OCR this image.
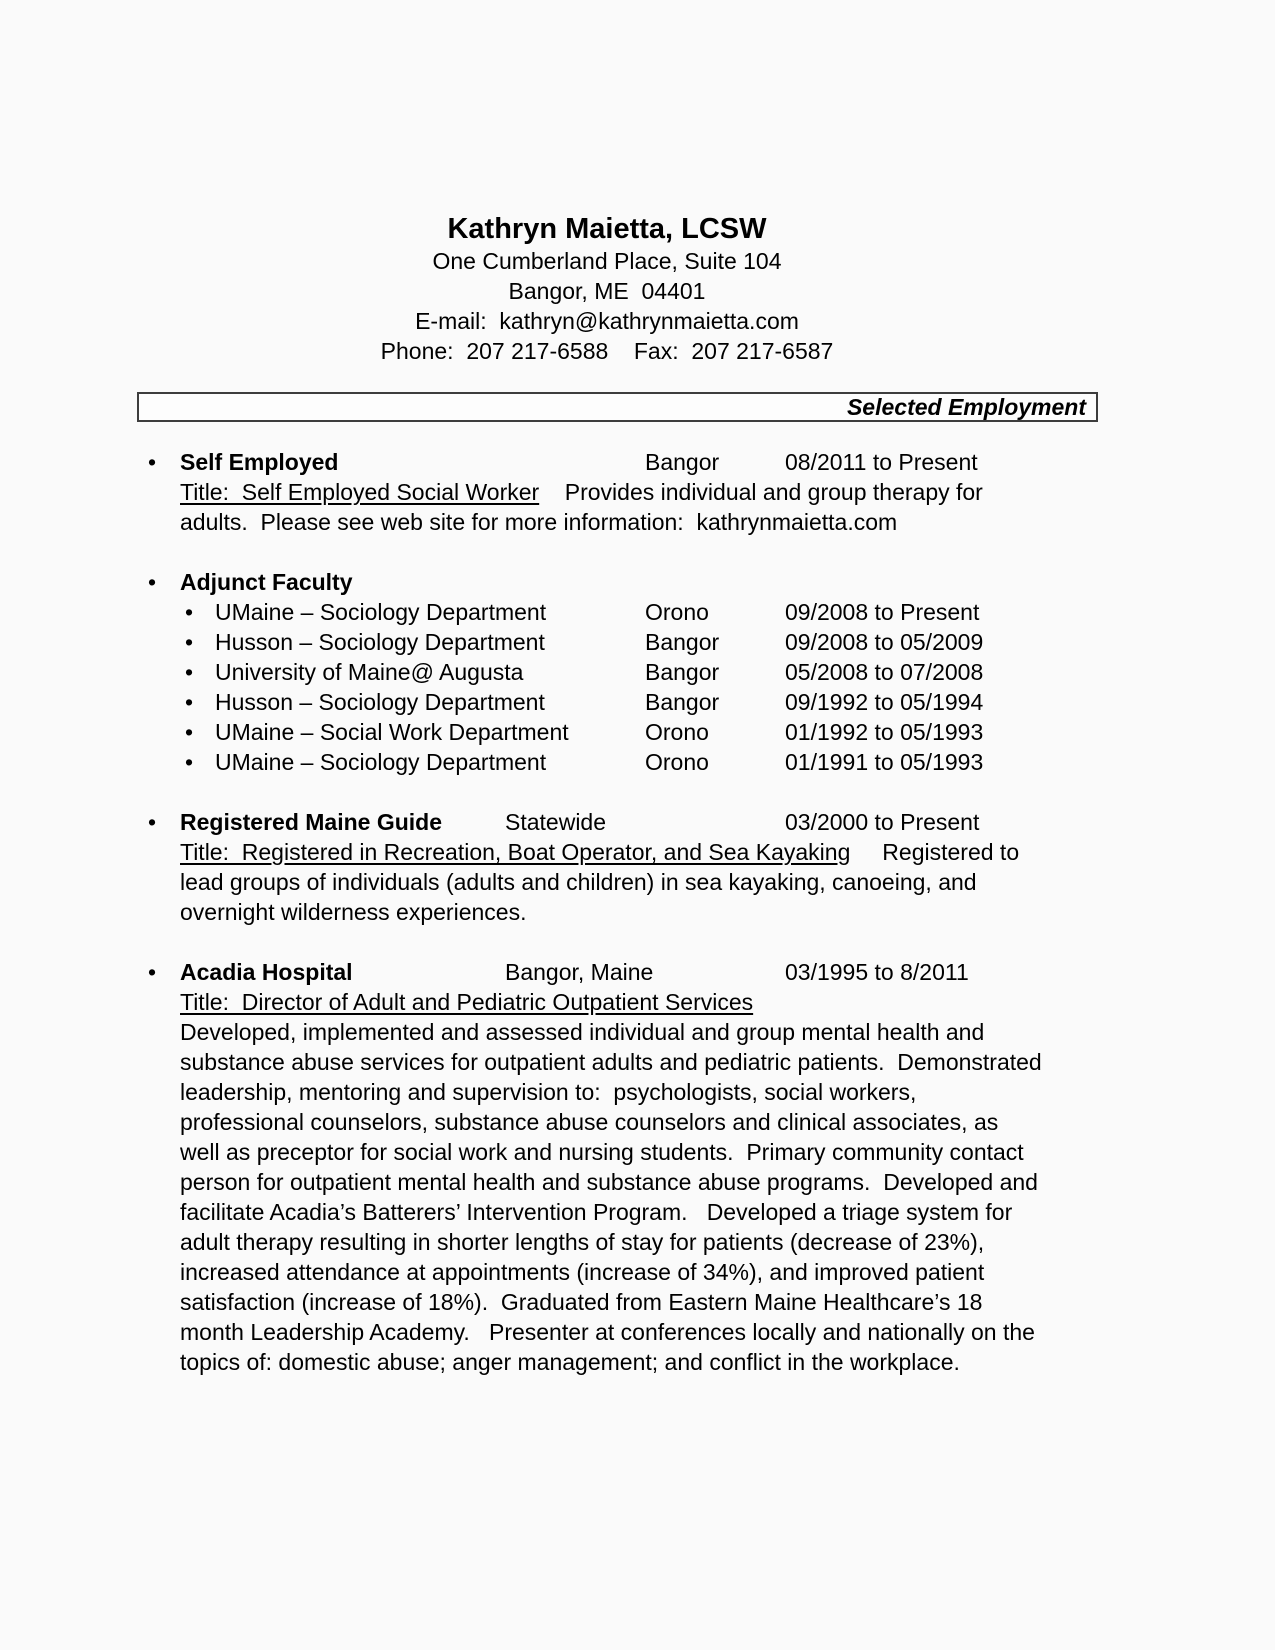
Kathryn Maietta, LCSW
One Cumberland Place, Suite 104
Bangor, ME  04401
E-mail:  kathryn@kathrynmaietta.com
Phone:  207 217-6588    Fax:  207 217-6587
Selected Employment
• Self Employed	Bangor	08/2011 to Present
Title:  Self Employed Social Worker    Provides individual and group therapy for
adults.  Please see web site for more information:  kathrynmaietta.com
• Adjunct Faculty
• UMaine – Sociology Department	Orono	09/2008 to Present
• Husson – Sociology Department	Bangor	09/2008 to 05/2009
• University of Maine@ Augusta	Bangor	05/2008 to 07/2008
• Husson – Sociology Department	Bangor	09/1992 to 05/1994
• UMaine – Social Work Department	Orono	01/1992 to 05/1993
• UMaine – Sociology Department	Orono	01/1991 to 05/1993
• Registered Maine Guide	Statewide	03/2000 to Present
Title:  Registered in Recreation, Boat Operator, and Sea Kayaking     Registered to
lead groups of individuals (adults and children) in sea kayaking, canoeing, and
overnight wilderness experiences.
• Acadia Hospital	Bangor, Maine	03/1995 to 8/2011
Title:  Director of Adult and Pediatric Outpatient Services
Developed, implemented and assessed individual and group mental health and
substance abuse services for outpatient adults and pediatric patients.  Demonstrated
leadership, mentoring and supervision to:  psychologists, social workers,
professional counselors, substance abuse counselors and clinical associates, as
well as preceptor for social work and nursing students.  Primary community contact
person for outpatient mental health and substance abuse programs.  Developed and
facilitate Acadia’s Batterers’ Intervention Program.   Developed a triage system for
adult therapy resulting in shorter lengths of stay for patients (decrease of 23%),
increased attendance at appointments (increase of 34%), and improved patient
satisfaction (increase of 18%).  Graduated from Eastern Maine Healthcare’s 18
month Leadership Academy.   Presenter at conferences locally and nationally on the
topics of: domestic abuse; anger management; and conflict in the workplace.
